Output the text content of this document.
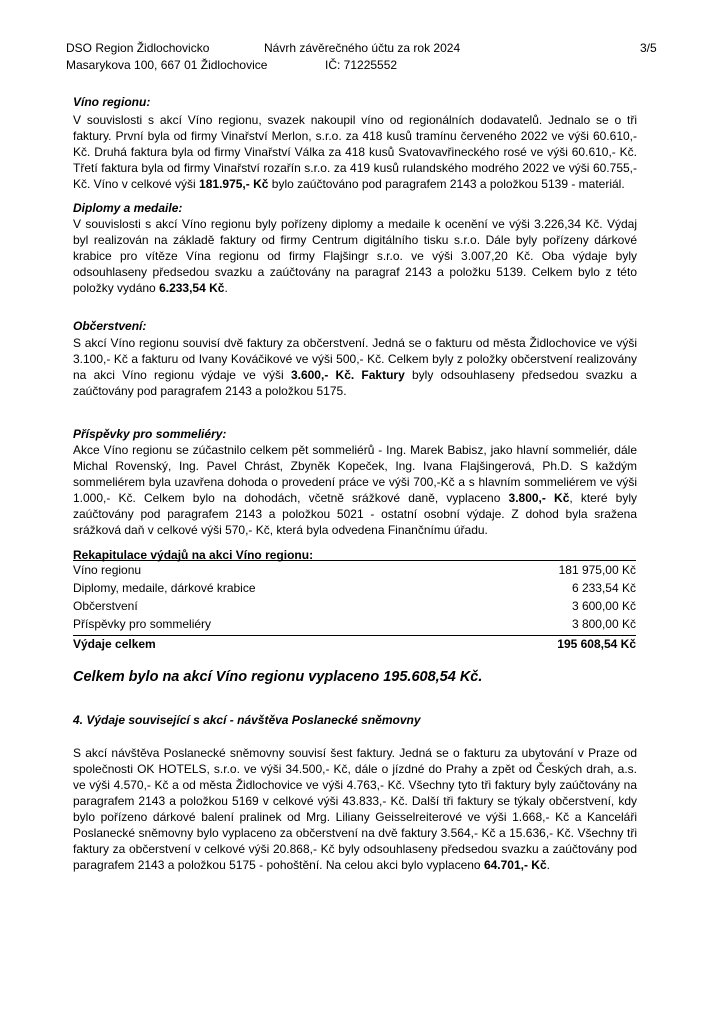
DSO Region Židlochovicko	Návrh závěrečného účtu za rok 2024	3/5
Masarykova 100, 667 01 Židlochovice	IČ: 71225552
Víno regionu:
V souvislosti s akcí Víno regionu, svazek nakoupil víno od regionálních dodavatelů. Jednalo se o tři faktury. První byla od firmy Vinařství Merlon, s.r.o. za 418 kusů tramínu červeného 2022 ve výši 60.610,- Kč. Druhá faktura byla od firmy Vinařství Válka za 418 kusů Svatovavřineckého rosé ve výši 60.610,- Kč. Třetí faktura byla od firmy Vinařství rozařín s.r.o. za 419 kusů rulandského modrého 2022 ve výši 60.755,- Kč. Víno v celkové výši 181.975,- Kč bylo zaúčtováno pod paragrafem 2143 a položkou 5139 - materiál.
Diplomy a medaile:
V souvislosti s akcí Víno regionu byly pořízeny diplomy a medaile k ocenění ve výši 3.226,34 Kč. Výdaj byl realizován na základě faktury od firmy Centrum digitálního tisku s.r.o. Dále byly pořízeny dárkové krabice pro vítěze Vína regionu od firmy Flajšingr s.r.o. ve výši 3.007,20 Kč. Oba výdaje byly odsouhlaseny předsedou svazku a zaúčtovány na paragraf 2143 a položku 5139. Celkem bylo z této položky vydáno 6.233,54 Kč.
Občerstvení:
S akcí Víno regionu souvisí dvě faktury za občerstvení. Jedná se o fakturu od města Židlochovice ve výši 3.100,- Kč a fakturu od Ivany Kováčikové ve výši 500,- Kč. Celkem byly z položky občerstvení realizovány na akci Víno regionu výdaje ve výši 3.600,- Kč. Faktury byly odsouhlaseny předsedou svazku a zaúčtovány pod paragrafem 2143 a položkou 5175.
Příspěvky pro sommeliéry:
Akce Víno regionu se zúčastnilo celkem pět sommeliérů - Ing. Marek Babisz, jako hlavní sommeliér, dále Michal Rovenský, Ing. Pavel Chrást, Zbyněk Kopeček, Ing. Ivana Flajšingerová, Ph.D. S každým sommeliérem byla uzavřena dohoda o provedení práce ve výši 700,-Kč a s hlavním sommeliérem ve výši 1.000,- Kč. Celkem bylo na dohodách, včetně srážkové daně, vyplaceno 3.800,- Kč, které byly zaúčtovány pod paragrafem 2143 a položkou 5021 - ostatní osobní výdaje. Z dohod byla sražena srážková daň v celkové výši 570,- Kč, která byla odvedena Finančnímu úřadu.
Rekapitulace výdajů na akci Víno regionu:
Víno regionu	181 975,00 Kč
Diplomy, medaile, dárkové krabice	6 233,54 Kč
Občerstvení	3 600,00 Kč
Příspěvky pro sommeliéry	3 800,00 Kč
Výdaje celkem	195 608,54 Kč
Celkem bylo na akcí Víno regionu vyplaceno 195.608,54 Kč.
4. Výdaje související s akcí - návštěva Poslanecké sněmovny
S akcí návštěva Poslanecké sněmovny souvisí šest faktury. Jedná se o fakturu za ubytování v Praze od společnosti OK HOTELS, s.r.o. ve výši 34.500,- Kč, dále o jízdné do Prahy a zpět od Českých drah, a.s. ve výši 4.570,- Kč a od města Židlochovice ve výši 4.763,- Kč. Všechny tyto tři faktury byly zaúčtovány na paragrafem 2143 a položkou 5169 v celkové výši 43.833,- Kč. Další tři faktury se týkaly občerstvení, kdy bylo pořízeno dárkové balení pralinek od Mrg. Liliany Geisselreiterové ve výši 1.668,- Kč a Kanceláři Poslanecké sněmovny bylo vyplaceno za občerstvení na dvě faktury 3.564,- Kč a 15.636,- Kč. Všechny tři faktury za občerstvení v celkové výši 20.868,- Kč byly odsouhlaseny předsedou svazku a zaúčtovány pod paragrafem 2143 a položkou 5175 - pohoštění. Na celou akci bylo vyplaceno 64.701,- Kč.
